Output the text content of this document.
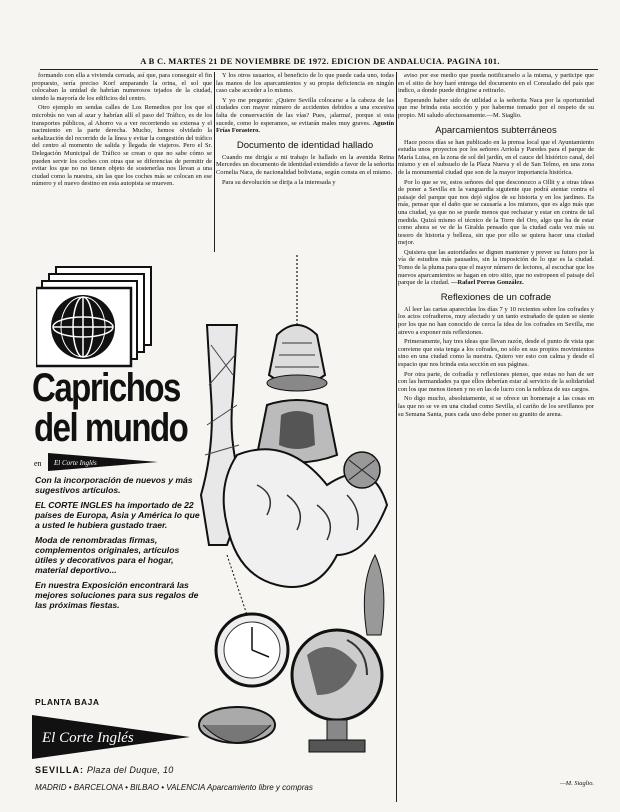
A B C. MARTES 21 DE NOVIEMBRE DE 1972. EDICION DE ANDALUCIA. PAGINA 101.

formando con ella a vivienda cerrada, así que, para conseguir el fin propuesto, sería preciso Korf amparando la orina, el sol que colocaban la unidad de habrían numerosos tejados de la ciudad, siendo la mayoría de los edificios del centro.

Otro ejemplo en sendas calles de Los Remedios por los que el microbús no van al azar y habrían allí el paso del Tráfico, es de los transportes públicos, al Ahorro va a ver recorriendo su extensa y el nacimiento en la parte derecha. Mucho, hemos olvidado la señalización del recorrido de la línea y evitar la congestión del tráfico del centro al momento de salida y llegada de viajeros. Pero el Sr. Delegación Municipal de Tráfico se crean o que no sabe cómo se pueden servir los coches con otras que se diferencias de permitir de evitar los que no no tienen objeto de sostenerlas nos llevan a una ciudad como la nuestra, sin las que los coches más se colocan en ese número y el nuevo destino en esta autopista se mueven.

Y los otros usuarios, el beneficio de lo que puede cada uno, todas las manos de los aparcamientos y su propia deficiencia en ningún caso cabe acceder a lo mismo.

Y yo me pregunto: ¿Quiere Sevilla colocarse a la cabeza de las ciudades con mayor número de accidentes debidos a una excesiva falta de conservación de las vías? Pues, ¡alarma!, porque si esta sucede, como lo esperamos, se evitarán males muy graves. Agustín Frías Forastero.

Documento de identidad hallado

Cuando me dirigía a mi trabajo le hallado en la avenida Reina Mercedes un documento de identidad extendido a favor de la señorita Cornelia Naca, de nacionalidad boliviana, según consta en el mismo.

Para su devolución se dirija a la interesada y

aviso por ese medio que pueda notificarselo a la misma, y participe que en el sitio de hoy haré entrega del documento en el Consulado del país que indico, a donde puede dirigirse a retirarlo.

Esperando haber sido de utilidad a la señorita Naca por la oportunidad que me brinda esta sección y por haberme tomado por el respeto de su propio. Mi saludo afectuosamente.—M. Siaglio.

Aparcamientos subterráneos

Hace pocos días se han publicado en la prensa local que el Ayuntamiento estudia unos proyectos por los señores Arriola y Paredes para el parque de María Luisa, en la zona de sol del jardín, en el cauce del histórico canal, del mismo y en el subsuelo de la Plaza Nueva y el de San Telmo, en una zona de la monumental ciudad que son de la mayor importancia histórica.

Por lo que se ve, estos señores del que desconozco a Ollit y a otras ideas de poner a Sevilla en la vanguardia siguiente que podrá atentar contra el paisaje del parque que nos dejó siglos de su historia y en los jardines. Es más, pensar que el daño que se causaría a los mismos, que es algo más que una ciudad, ya que no se puede menos que rechazar y estar en contra de tal medida. Quizá mismo el técnico de la Torre del Oro, algo que ha de estar como ahora se ve de la Giralda pensado que la ciudad cada vez más su tesoro de historia y belleza, sin que por ello se quiera hacer una ciudad mejor.

Quisiera que las autoridades se dignen mantener y prever su futuro por la vía de estudios más pausados, sin la imposición de lo que es la ciudad. Tomo de la pluma para que el mayor número de lectores, al escuchar que los nuevos aparcamientos se hagan en otro sitio, que no estropeen el paisaje del parque de la ciudad. —Rafael Porras González.

Reflexiones de un cofrade

Al leer las cartas aparecidas los días 7 y 10 recientes sobre los cofrades y los actos cofradieros, muy afectado y un tanto extrañado de quien se siente por los que no han conocido de cerca la idea de los cofrades en Sevilla, me atrevo a exponer mis reflexiones.

Primeramente, hay tres ideas que llevan razón, desde el punto de vista que conviene que esta tenga a los cofrades, no sólo en sus propios movimientos sino en una ciudad como la nuestra. Quiero ver esto con calma y desde el espacio que nos brinda esta sección en sus páginas.

Por otra parte, de cofradía y reflexiones pienso, que estas no han de ser con las hermandades ya que ellos deberían estar al servicio de la solidaridad con los que menos tienen y no en las de lucro con la nobleza de sus cargos.

No digo mucho, absolutamente, si se ofrece un homenaje a las cosas en las que no se ve en una ciudad como Sevilla, el cariño de los sevillanos por su Semana Santa, pues cada uno debe poner su granito de arena.

—M. Siaglio.
Caprichos
del mundo
en El Corte Inglés

Con la incorporación de nuevos y más sugestivos artículos.

EL CORTE INGLES ha importado de 22 países de Europa, Asia y América lo que a usted le hubiera gustado traer.

Moda de renombradas firmas, complementos originales, artículos útiles y decorativos para el hogar, material deportivo...

En nuestra Exposición encontrará las mejores soluciones para sus regalos de las próximas fiestas.

PLANTA BAJA
El Corte Inglés
SEVILLA: Plaza del Duque, 10
MADRID • BARCELONA • BILBAO • VALENCIA Aparcamiento libre y compras
